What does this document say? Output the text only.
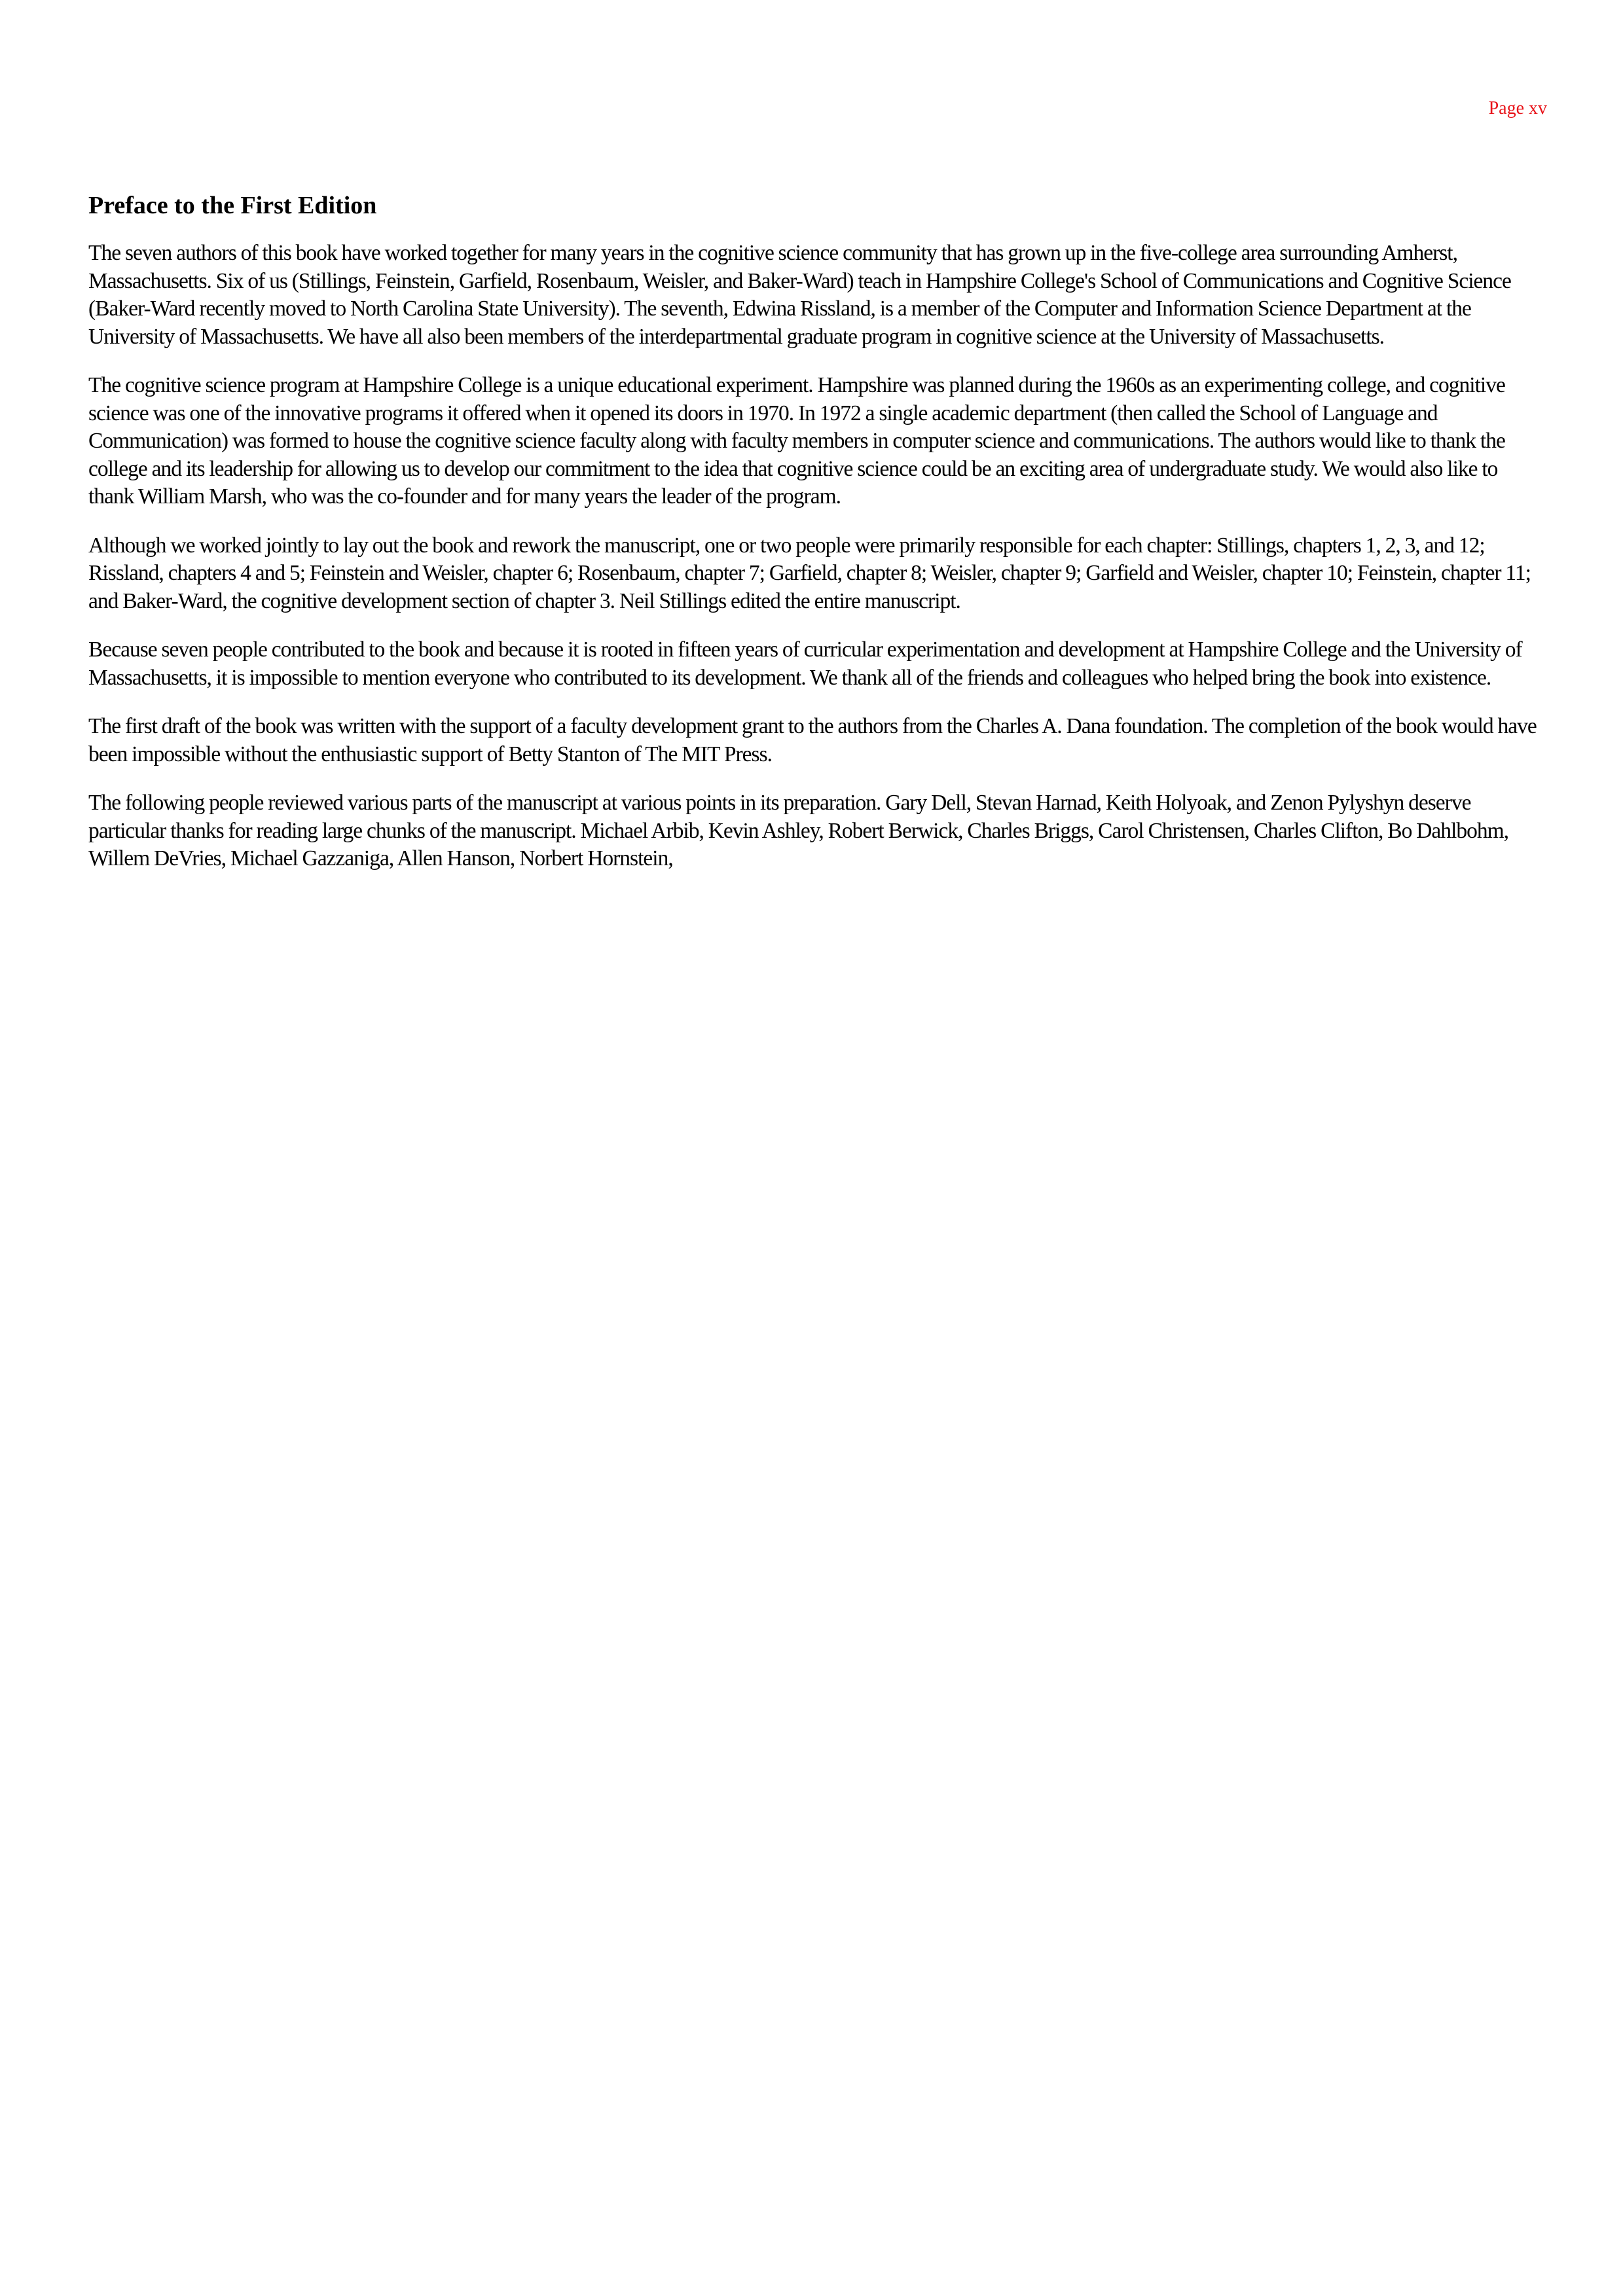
Page xv
Preface to the First Edition

The seven authors of this book have worked together for many years in the cognitive science community that has grown up in the five-college area surrounding Amherst, Massachusetts. Six of us (Stillings, Feinstein, Garfield, Rosenbaum, Weisler, and Baker-Ward) teach in Hampshire College's School of Communications and Cognitive Science (Baker-Ward recently moved to North Carolina State University). The seventh, Edwina Rissland, is a member of the Computer and Information Science Department at the University of Massachusetts. We have all also been members of the interdepartmental graduate program in cognitive science at the University of Massachusetts.

The cognitive science program at Hampshire College is a unique educational experiment. Hampshire was planned during the 1960s as an experimenting college, and cognitive science was one of the innovative programs it offered when it opened its doors in 1970. In 1972 a single academic department (then called the School of Language and Communication) was formed to house the cognitive science faculty along with faculty members in computer science and communications. The authors would like to thank the college and its leadership for allowing us to develop our commitment to the idea that cognitive science could be an exciting area of undergraduate study. We would also like to thank William Marsh, who was the co-founder and for many years the leader of the program.

Although we worked jointly to lay out the book and rework the manuscript, one or two people were primarily responsible for each chapter: Stillings, chapters 1, 2, 3, and 12; Rissland, chapters 4 and 5; Feinstein and Weisler, chapter 6; Rosenbaum, chapter 7; Garfield, chapter 8; Weisler, chapter 9; Garfield and Weisler, chapter 10; Feinstein, chapter 11; and Baker-Ward, the cognitive development section of chapter 3. Neil Stillings edited the entire manuscript.

Because seven people contributed to the book and because it is rooted in fifteen years of curricular experimentation and development at Hampshire College and the University of Massachusetts, it is impossible to mention everyone who contributed to its development. We thank all of the friends and colleagues who helped bring the book into existence.

The first draft of the book was written with the support of a faculty development grant to the authors from the Charles A. Dana foundation. The completion of the book would have been impossible without the enthusiastic support of Betty Stanton of The MIT Press.

The following people reviewed various parts of the manuscript at various points in its preparation. Gary Dell, Stevan Harnad, Keith Holyoak, and Zenon Pylyshyn deserve particular thanks for reading large chunks of the manuscript. Michael Arbib, Kevin Ashley, Robert Berwick, Charles Briggs, Carol Christensen, Charles Clifton, Bo Dahlbohm, Willem DeVries, Michael Gazzaniga, Allen Hanson, Norbert Hornstein,
